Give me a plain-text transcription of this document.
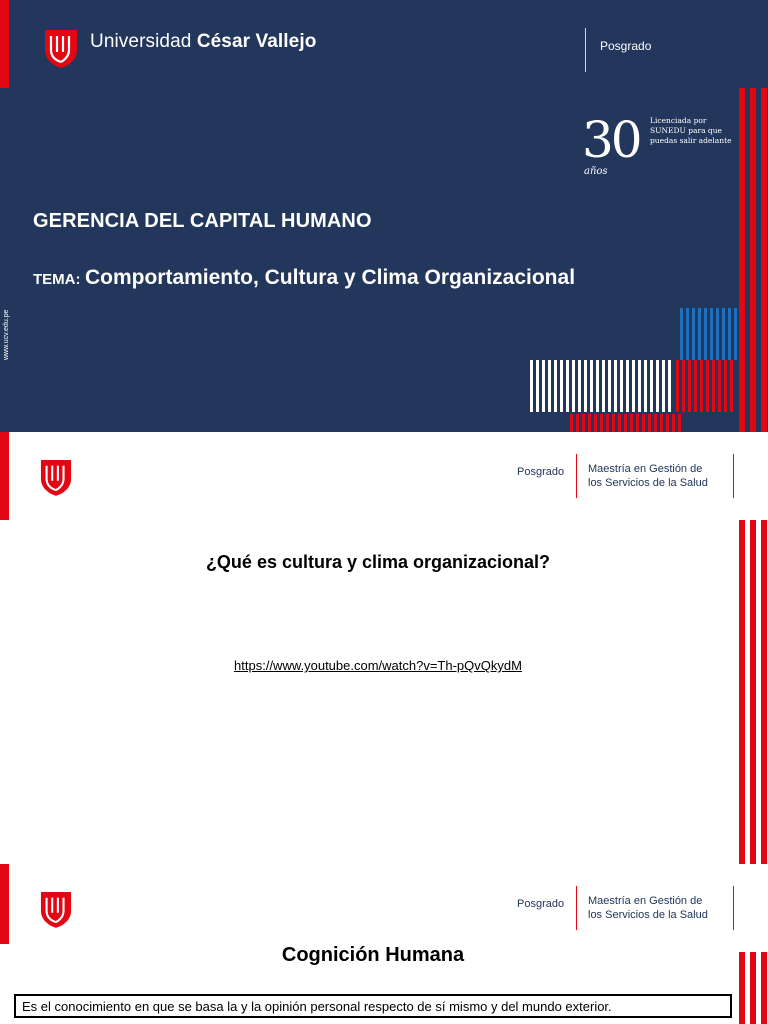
Universidad César Vallejo	Posgrado
30
años
Licenciada por SUNEDU para que puedas salir adelante
GERENCIA DEL CAPITAL HUMANO
TEMA: Comportamiento, Cultura y Clima Organizacional
www.ucv.edu.pe
Posgrado Maestría en Gestión de
los Servicios de la Salud
¿Qué es cultura y clima organizacional?
https://www.youtube.com/watch?v=Th-pQvQkydM
Posgrado Maestría en Gestión de
los Servicios de la Salud
Cognición Humana
Es el conocimiento en que se basa la y la opinión personal respecto de sí mismo y del mundo exterior.
